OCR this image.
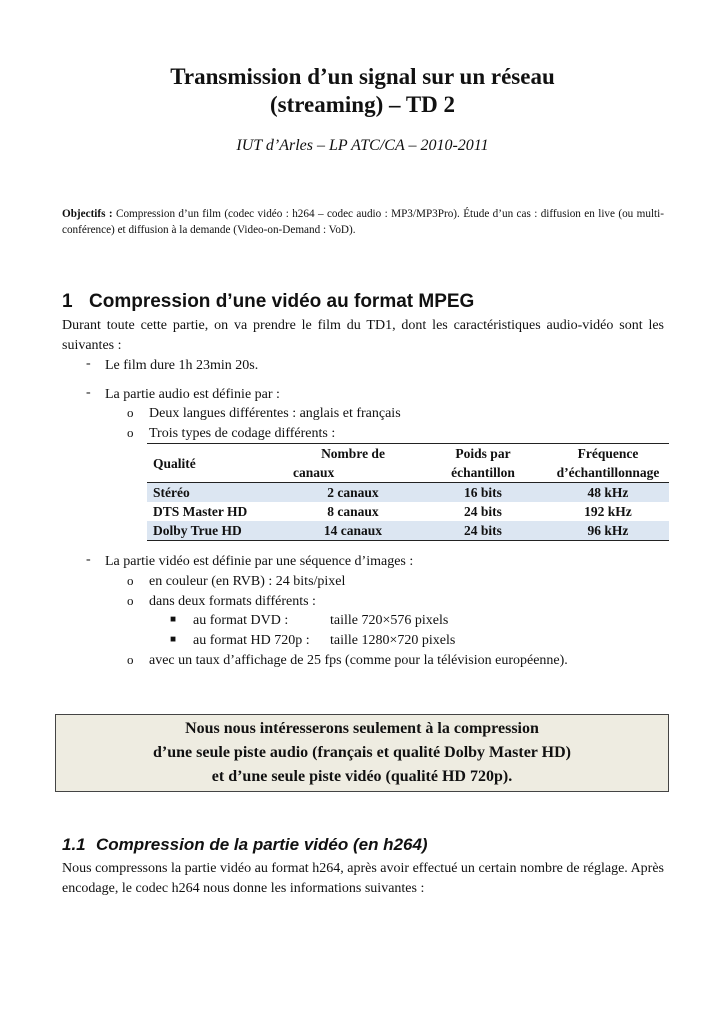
Transmission d’un signal sur un réseau
(streaming) – TD 2
IUT d’Arles – LP ATC/CA – 2010-2011
Objectifs : Compression d’un film (codec vidéo : h264 – codec audio : MP3/MP3Pro). Étude d’un cas : diffusion en live (ou multi-conférence) et diffusion à la demande (Video-on-Demand : VoD).
1 Compression d’une vidéo au format MPEG
Durant toute cette partie, on va prendre le film du TD1, dont les caractéristiques audio-vidéo sont les suivantes :
- Le film dure 1h 23min 20s.
- La partie audio est définie par :
o Deux langues différentes : anglais et français
o Trois types de codage différents :
Qualité	Nombre de	Poids par	Fréquence
	canaux	échantillon	d’échantillonnage
Stéréo	2 canaux	16 bits	48 kHz
DTS Master HD	8 canaux	24 bits	192 kHz
Dolby True HD	14 canaux	24 bits	96 kHz
- La partie vidéo est définie par une séquence d’images :
o en couleur (en RVB) : 24 bits/pixel
o dans deux formats différents :
■ au format DVD :	taille 720×576 pixels
■ au format HD 720p : taille 1280×720 pixels
o avec un taux d’affichage de 25 fps (comme pour la télévision européenne).
Nous nous intéresserons seulement à la compression
d’une seule piste audio (français et qualité Dolby Master HD)
et d’une seule piste vidéo (qualité HD 720p).
1.1 Compression de la partie vidéo (en h264)
Nous compressons la partie vidéo au format h264, après avoir effectué un certain nombre de réglage. Après encodage, le codec h264 nous donne les informations suivantes :
